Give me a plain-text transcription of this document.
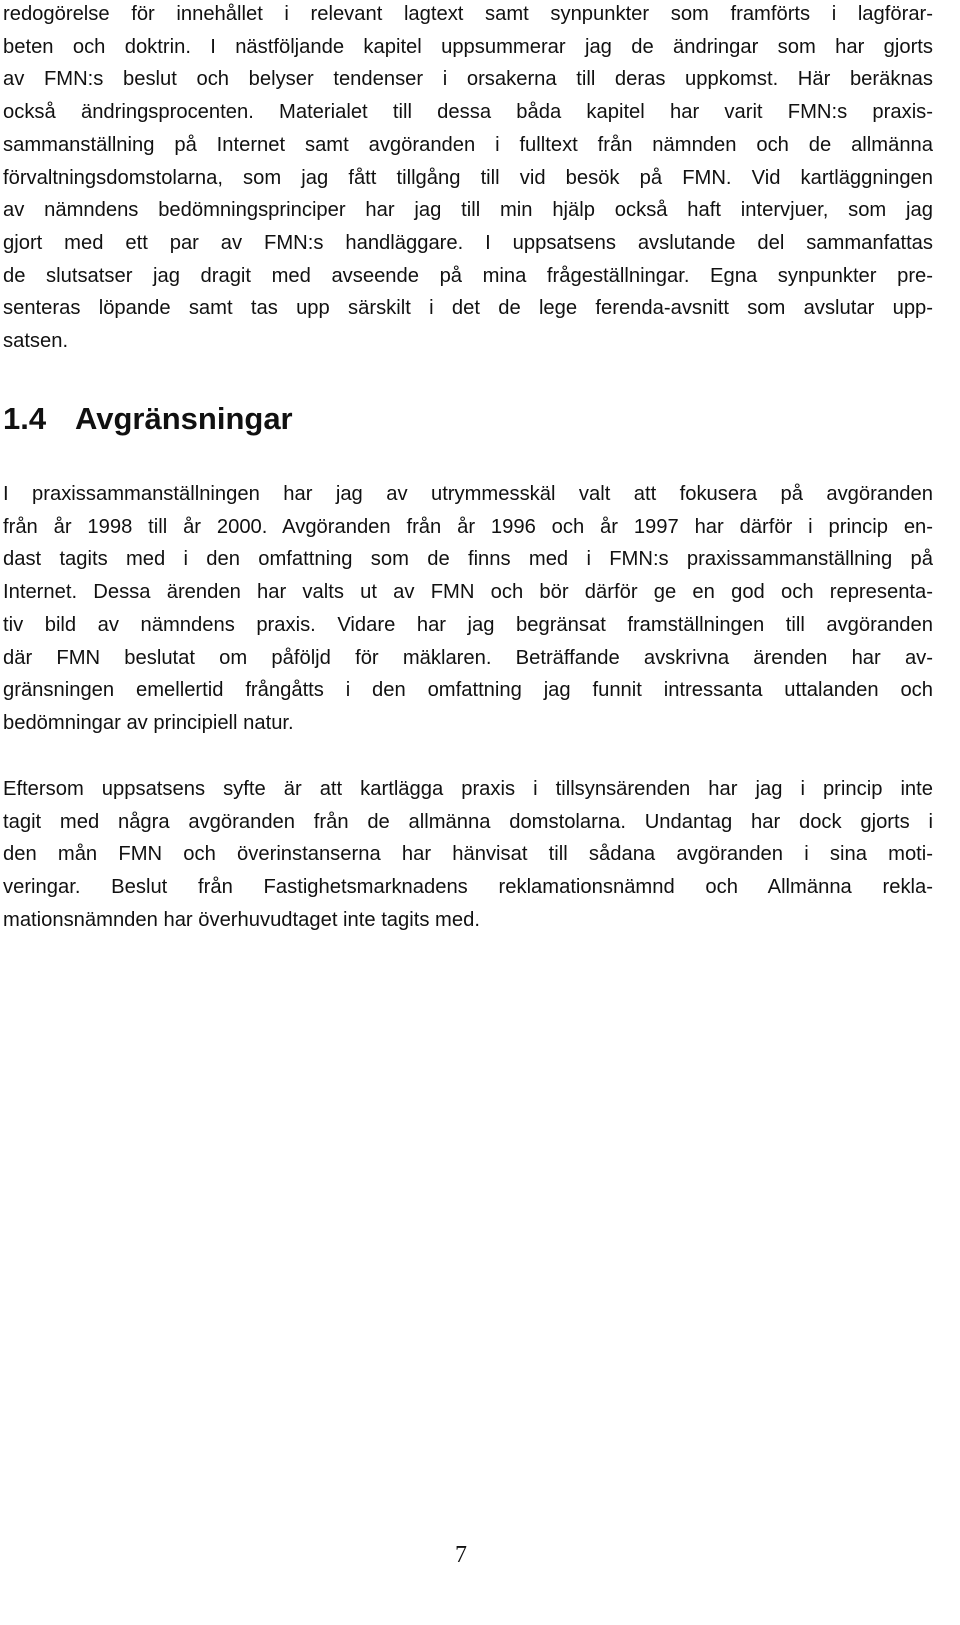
redogörelse för innehållet i relevant lagtext samt synpunkter som framförts i lagförar-
beten och doktrin. I nästföljande kapitel uppsummerar jag de ändringar som har gjorts
av FMN:s beslut och belyser tendenser i orsakerna till deras uppkomst. Här beräknas
också ändringsprocenten. Materialet till dessa båda kapitel har varit FMN:s praxis-
sammanställning på Internet samt avgöranden i fulltext från nämnden och de allmänna
förvaltningsdomstolarna, som jag fått tillgång till vid besök på FMN. Vid kartläggningen
av nämndens bedömningsprinciper har jag till min hjälp också haft intervjuer, som jag
gjort med ett par av FMN:s handläggare. I uppsatsens avslutande del sammanfattas
de slutsatser jag dragit med avseende på mina frågeställningar. Egna synpunkter pre-
senteras löpande samt tas upp särskilt i det de lege ferenda-avsnitt som avslutar upp-
satsen.

1.4 Avgränsningar

I praxissammanställningen har jag av utrymmesskäl valt att fokusera på avgöranden
från år 1998 till år 2000. Avgöranden från år 1996 och år 1997 har därför i princip en-
dast tagits med i den omfattning som de finns med i FMN:s praxissammanställning på
Internet. Dessa ärenden har valts ut av FMN och bör därför ge en god och representa-
tiv bild av nämndens praxis. Vidare har jag begränsat framställningen till avgöranden
där FMN beslutat om påföljd för mäklaren. Beträffande avskrivna ärenden har av-
gränsningen emellertid frångåtts i den omfattning jag funnit intressanta uttalanden och
bedömningar av principiell natur.

Eftersom uppsatsens syfte är att kartlägga praxis i tillsynsärenden har jag i princip inte
tagit med några avgöranden från de allmänna domstolarna. Undantag har dock gjorts i
den mån FMN och överinstanserna har hänvisat till sådana avgöranden i sina moti-
veringar. Beslut från Fastighetsmarknadens reklamationsnämnd och Allmänna rekla-
mationsnämnden har överhuvudtaget inte tagits med.

7
